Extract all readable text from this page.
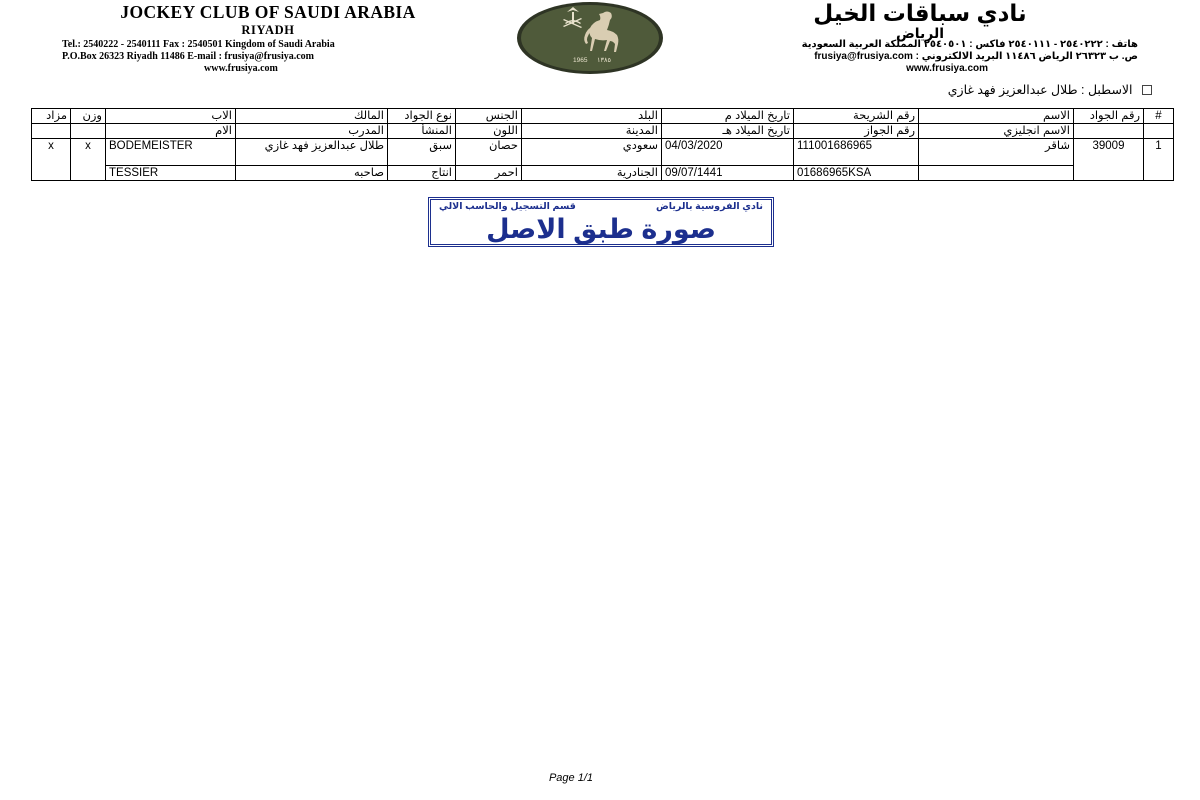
JOCKEY CLUB OF SAUDI ARABIA
RIYADH
Tel.: 2540222 - 2540111 Fax : 2540501 Kingdom of Saudi Arabia
P.O.Box 26323 Riyadh 11486 E-mail : frusiya@frusiya.com
www.frusiya.com
1965 ١٣٨٥
نادي سباقات الخيل
الرياض
هاتف : ٢٥٤٠٢٢٢ - ٢٥٤٠١١١ فاكس : ٢٥٤٠٥٠١ المملكة العربية السعودية
ص. ب ٢٦٣٢٣ الرياض ١١٤٨٦ البريد الالكتروني : frusiya@frusiya.com
www.frusiya.com
الاسطبل : طلال عبدالعزيز فهد غازي
#	رقم الجواد	الاسم	رقم الشريحة	تاريخ الميلاد م	البلد	الجنس	نوع الجواد	المالك	الاب	وزن	مزاد
		الاسم انجليزي	رقم الجواز	تاريخ الميلاد هـ	المدينة	اللون	المنشأ	المدرب	الام		
1	39009	شاقر	111001686965	04/03/2020	سعودي	حصان	سبق	طلال عبدالعزيز فهد غازي	BODEMEISTER	x	x
			01686965KSA	09/07/1441	الجنادرية	احمر	انتاج	صاحبه	TESSIER		
نادي الفروسية بالرياض
قسم التسجيل والحاسب الالي
صورة طبق الاصل
Page 1/1
